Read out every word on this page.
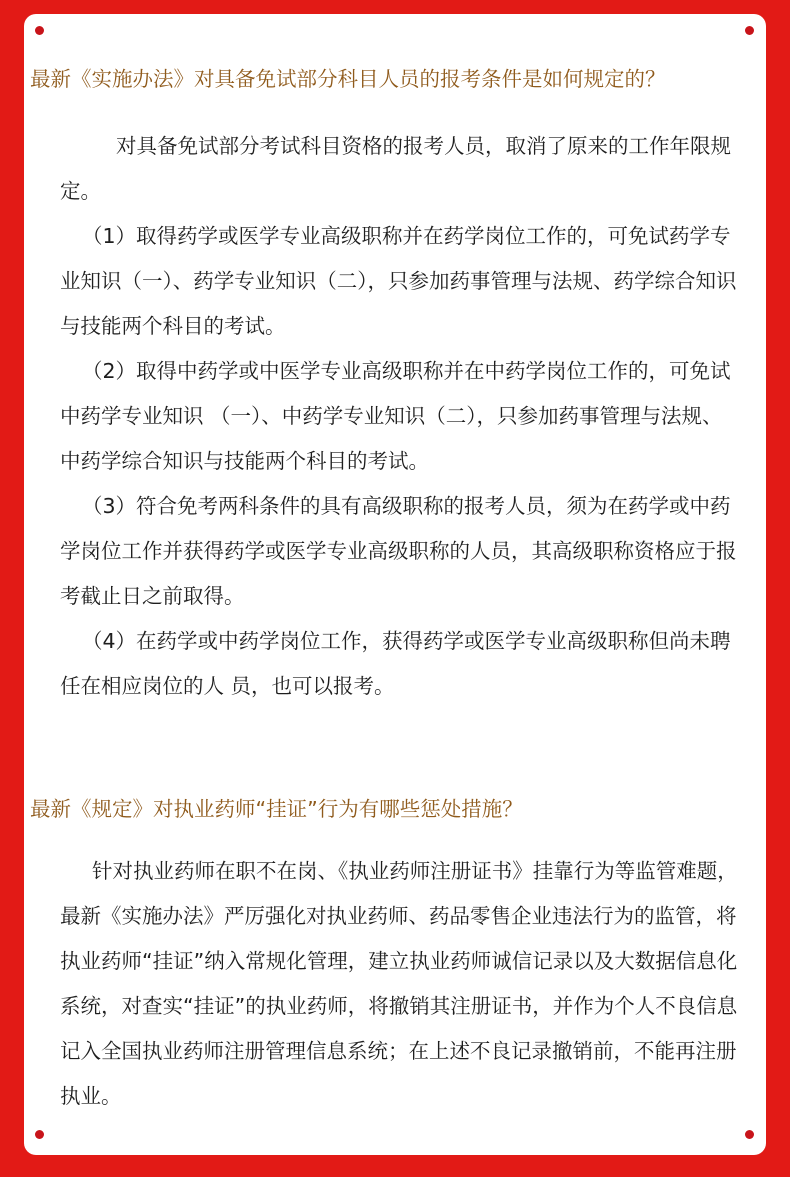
最新《实施办法》对具备免试部分科目人员的报考条件是如何规定的？

对具备免试部分考试科目资格的报考人员，取消了原来的工作年限规定。

（1）取得药学或医学专业高级职称并在药学岗位工作的，可免试药学专业知识（一）、药学专业知识（二），只参加药事管理与法规、药学综合知识与技能两个科目的考试。

（2）取得中药学或中医学专业高级职称并在中药学岗位工作的，可免试中药学专业知识 （一）、中药学专业知识（二），只参加药事管理与法规、中药学综合知识与技能两个科目的考试。

（3）符合免考两科条件的具有高级职称的报考人员，须为在药学或中药学岗位工作并获得药学或医学专业高级职称的人员，其高级职称资格应于报考截止日之前取得。

（4）在药学或中药学岗位工作，获得药学或医学专业高级职称但尚未聘任在相应岗位的人 员，也可以报考。

最新《规定》对执业药师“挂证”行为有哪些惩处措施？

针对执业药师在职不在岗、《执业药师注册证书》挂靠行为等监管难题，最新《实施办法》严厉强化对执业药师、药品零售企业违法行为的监管，将执业药师“挂证”纳入常规化管理，建立执业药师诚信记录以及大数据信息化系统，对查实“挂证”的执业药师，将撤销其注册证书，并作为个人不良信息记入全国执业药师注册管理信息系统；在上述不良记录撤销前，不能再注册执业。
